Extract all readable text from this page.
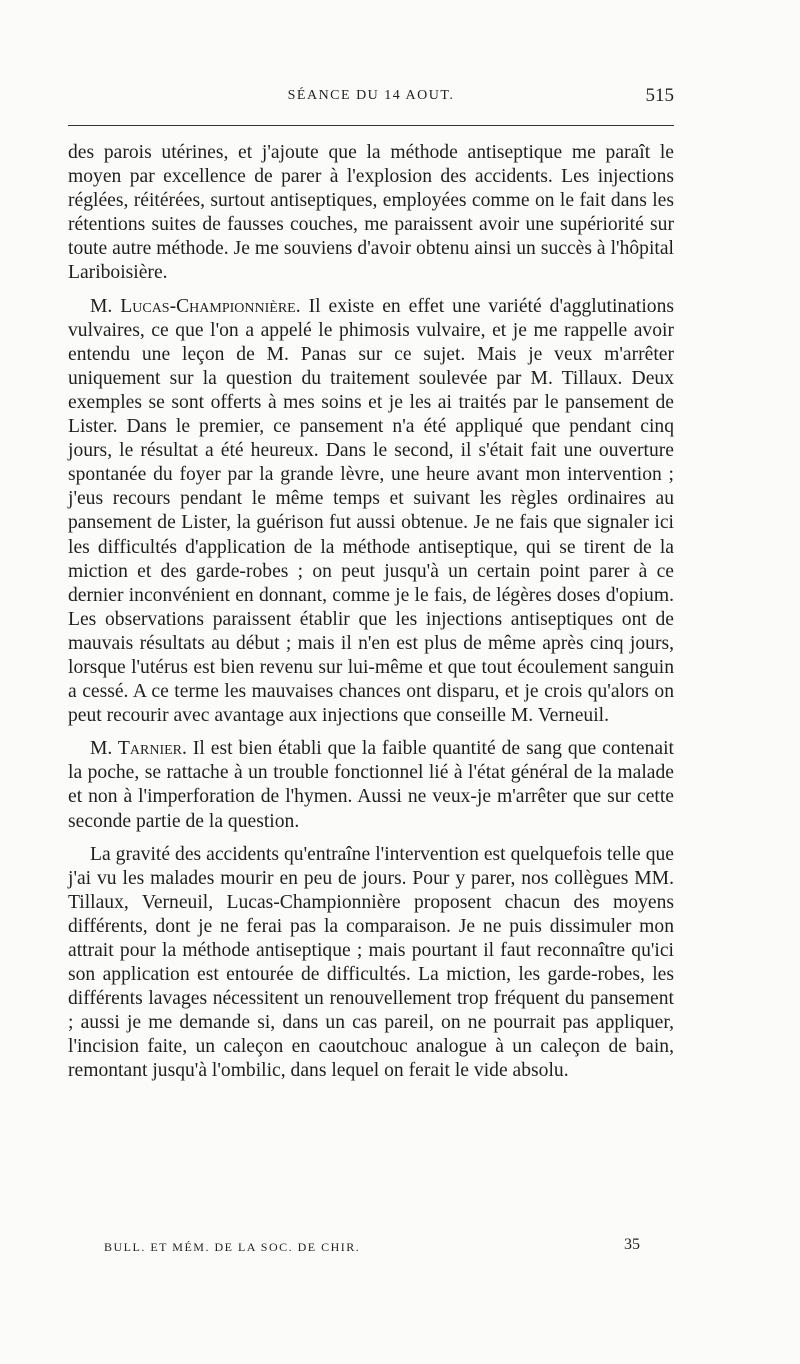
SÉANCE DU 14 AOUT.	515

des parois utérines, et j'ajoute que la méthode antiseptique me paraît le moyen par excellence de parer à l'explosion des accidents. Les injections réglées, réitérées, surtout antiseptiques, employées comme on le fait dans les rétentions suites de fausses couches, me paraissent avoir une supériorité sur toute autre méthode. Je me souviens d'avoir obtenu ainsi un succès à l'hôpital Lariboisière.

M. Lucas-Championnière. Il existe en effet une variété d'agglutinations vulvaires, ce que l'on a appelé le phimosis vulvaire, et je me rappelle avoir entendu une leçon de M. Panas sur ce sujet. Mais je veux m'arrêter uniquement sur la question du traitement soulevée par M. Tillaux. Deux exemples se sont offerts à mes soins et je les ai traités par le pansement de Lister. Dans le premier, ce pansement n'a été appliqué que pendant cinq jours, le résultat a été heureux. Dans le second, il s'était fait une ouverture spontanée du foyer par la grande lèvre, une heure avant mon intervention ; j'eus recours pendant le même temps et suivant les règles ordinaires au pansement de Lister, la guérison fut aussi obtenue. Je ne fais que signaler ici les difficultés d'application de la méthode antiseptique, qui se tirent de la miction et des garde-robes ; on peut jusqu'à un certain point parer à ce dernier inconvénient en donnant, comme je le fais, de légères doses d'opium. Les observations paraissent établir que les injections antiseptiques ont de mauvais résultats au début ; mais il n'en est plus de même après cinq jours, lorsque l'utérus est bien revenu sur lui-même et que tout écoulement sanguin a cessé. A ce terme les mauvaises chances ont disparu, et je crois qu'alors on peut recourir avec avantage aux injections que conseille M. Verneuil.

M. Tarnier. Il est bien établi que la faible quantité de sang que contenait la poche, se rattache à un trouble fonctionnel lié à l'état général de la malade et non à l'imperforation de l'hymen. Aussi ne veux-je m'arrêter que sur cette seconde partie de la question.

La gravité des accidents qu'entraîne l'intervention est quelquefois telle que j'ai vu les malades mourir en peu de jours. Pour y parer, nos collègues MM. Tillaux, Verneuil, Lucas-Championnière proposent chacun des moyens différents, dont je ne ferai pas la comparaison. Je ne puis dissimuler mon attrait pour la méthode antiseptique ; mais pourtant il faut reconnaître qu'ici son application est entourée de difficultés. La miction, les garde-robes, les différents lavages nécessitent un renouvellement trop fréquent du pansement ; aussi je me demande si, dans un cas pareil, on ne pourrait pas appliquer, l'incision faite, un caleçon en caoutchouc analogue à un caleçon de bain, remontant jusqu'à l'ombilic, dans lequel on ferait le vide absolu.

BULL. ET MÉM. DE LA SOC. DE CHIR.	35
